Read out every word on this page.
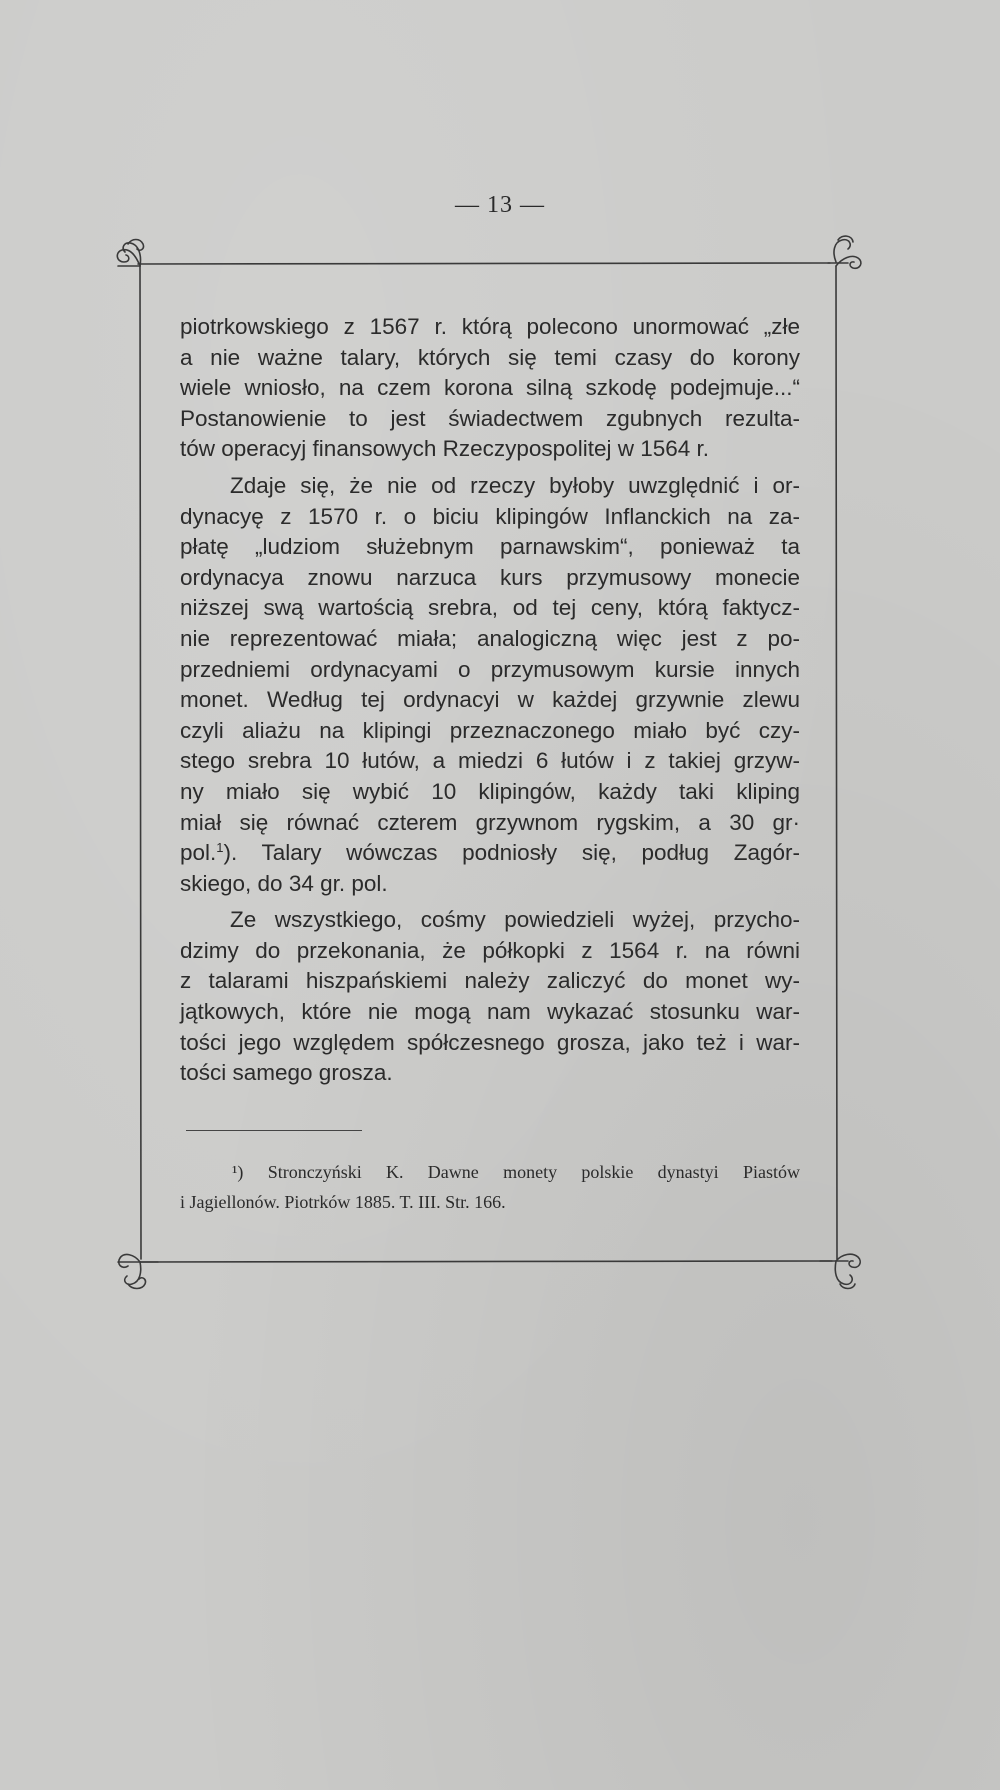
— 13 —
piotrkowskiego z 1567 r. którą polecono unormować „złe
a nie ważne talary, których się temi czasy do korony
wiele wniosło, na czem korona silną szkodę podejmuje...“
Postanowienie to jest świadectwem zgubnych rezulta-
tów operacyj finansowych Rzeczypospolitej w 1564 r.
Zdaje się, że nie od rzeczy byłoby uwzględnić i or-
dynacyę z 1570 r. o biciu klipingów Inflanckich na za-
płatę „ludziom służebnym parnawskim“, ponieważ ta
ordynacya znowu narzuca kurs przymusowy monecie
niższej swą wartością srebra, od tej ceny, którą faktycz-
nie reprezentować miała; analogiczną więc jest z po-
przedniemi ordynacyami o przymusowym kursie innych
monet. Według tej ordynacyi w każdej grzywnie zlewu
czyli aliażu na klipingi przeznaczonego miało być czy-
stego srebra 10 łutów, a miedzi 6 łutów i z takiej grzyw-
ny miało się wybić 10 klipingów, każdy taki kliping
miał się równać czterem grzywnom rygskim, a 30 gr·
pol.$^1$). Talary wówczas podniosły się, podług Zagór-
skiego, do 34 gr. pol.
Ze wszystkiego, cośmy powiedzieli wyżej, przycho-
dzimy do przekonania, że półkopki z 1564 r. na równi
z talarami hiszpańskiemi należy zaliczyć do monet wy-
jątkowych, które nie mogą nam wykazać stosunku war-
tości jego względem spółczesnego grosza, jako też i war-
tości samego grosza.
¹) Stronczyński K. Dawne monety polskie dynastyi Piastów
i Jagiellonów. Piotrków 1885. T. III. Str. 166.
